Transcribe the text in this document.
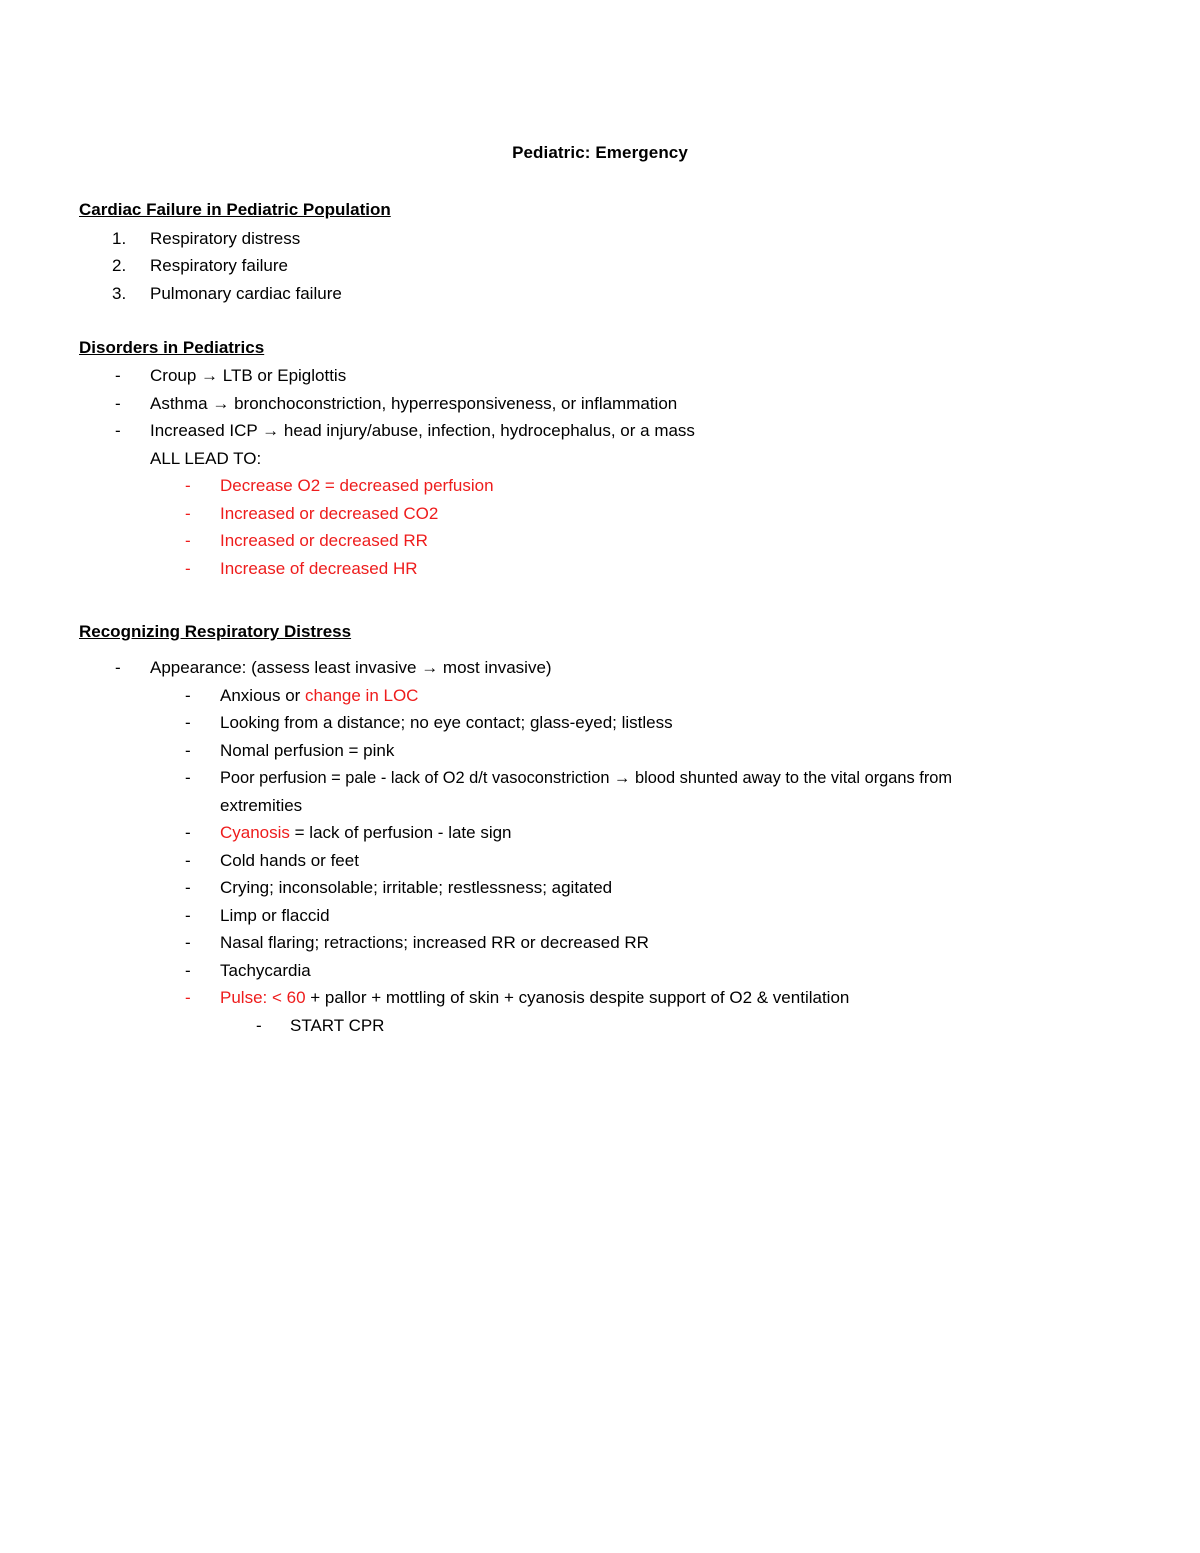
Pediatric: Emergency
Cardiac Failure in Pediatric Population
1. Respiratory distress
2. Respiratory failure
3. Pulmonary cardiac failure
Disorders in Pediatrics
- Croup → LTB or Epiglottis
- Asthma → bronchoconstriction, hyperresponsiveness, or inflammation
- Increased ICP → head injury/abuse, infection, hydrocephalus, or a mass
ALL LEAD TO:
- Decrease O2 = decreased perfusion
- Increased or decreased CO2
- Increased or decreased RR
- Increase of decreased HR
Recognizing Respiratory Distress
- Appearance: (assess least invasive → most invasive)
- Anxious or change in LOC
- Looking from a distance; no eye contact; glass-eyed; listless
- Nomal perfusion = pink
- Poor perfusion = pale - lack of O2 d/t vasoconstriction → blood shunted away to the vital organs from
extremities
- Cyanosis = lack of perfusion - late sign
- Cold hands or feet
- Crying; inconsolable; irritable; restlessness; agitated
- Limp or flaccid
- Nasal flaring; retractions; increased RR or decreased RR
- Tachycardia
- Pulse: < 60 + pallor + mottling of skin + cyanosis despite support of O2 & ventilation
- START CPR
